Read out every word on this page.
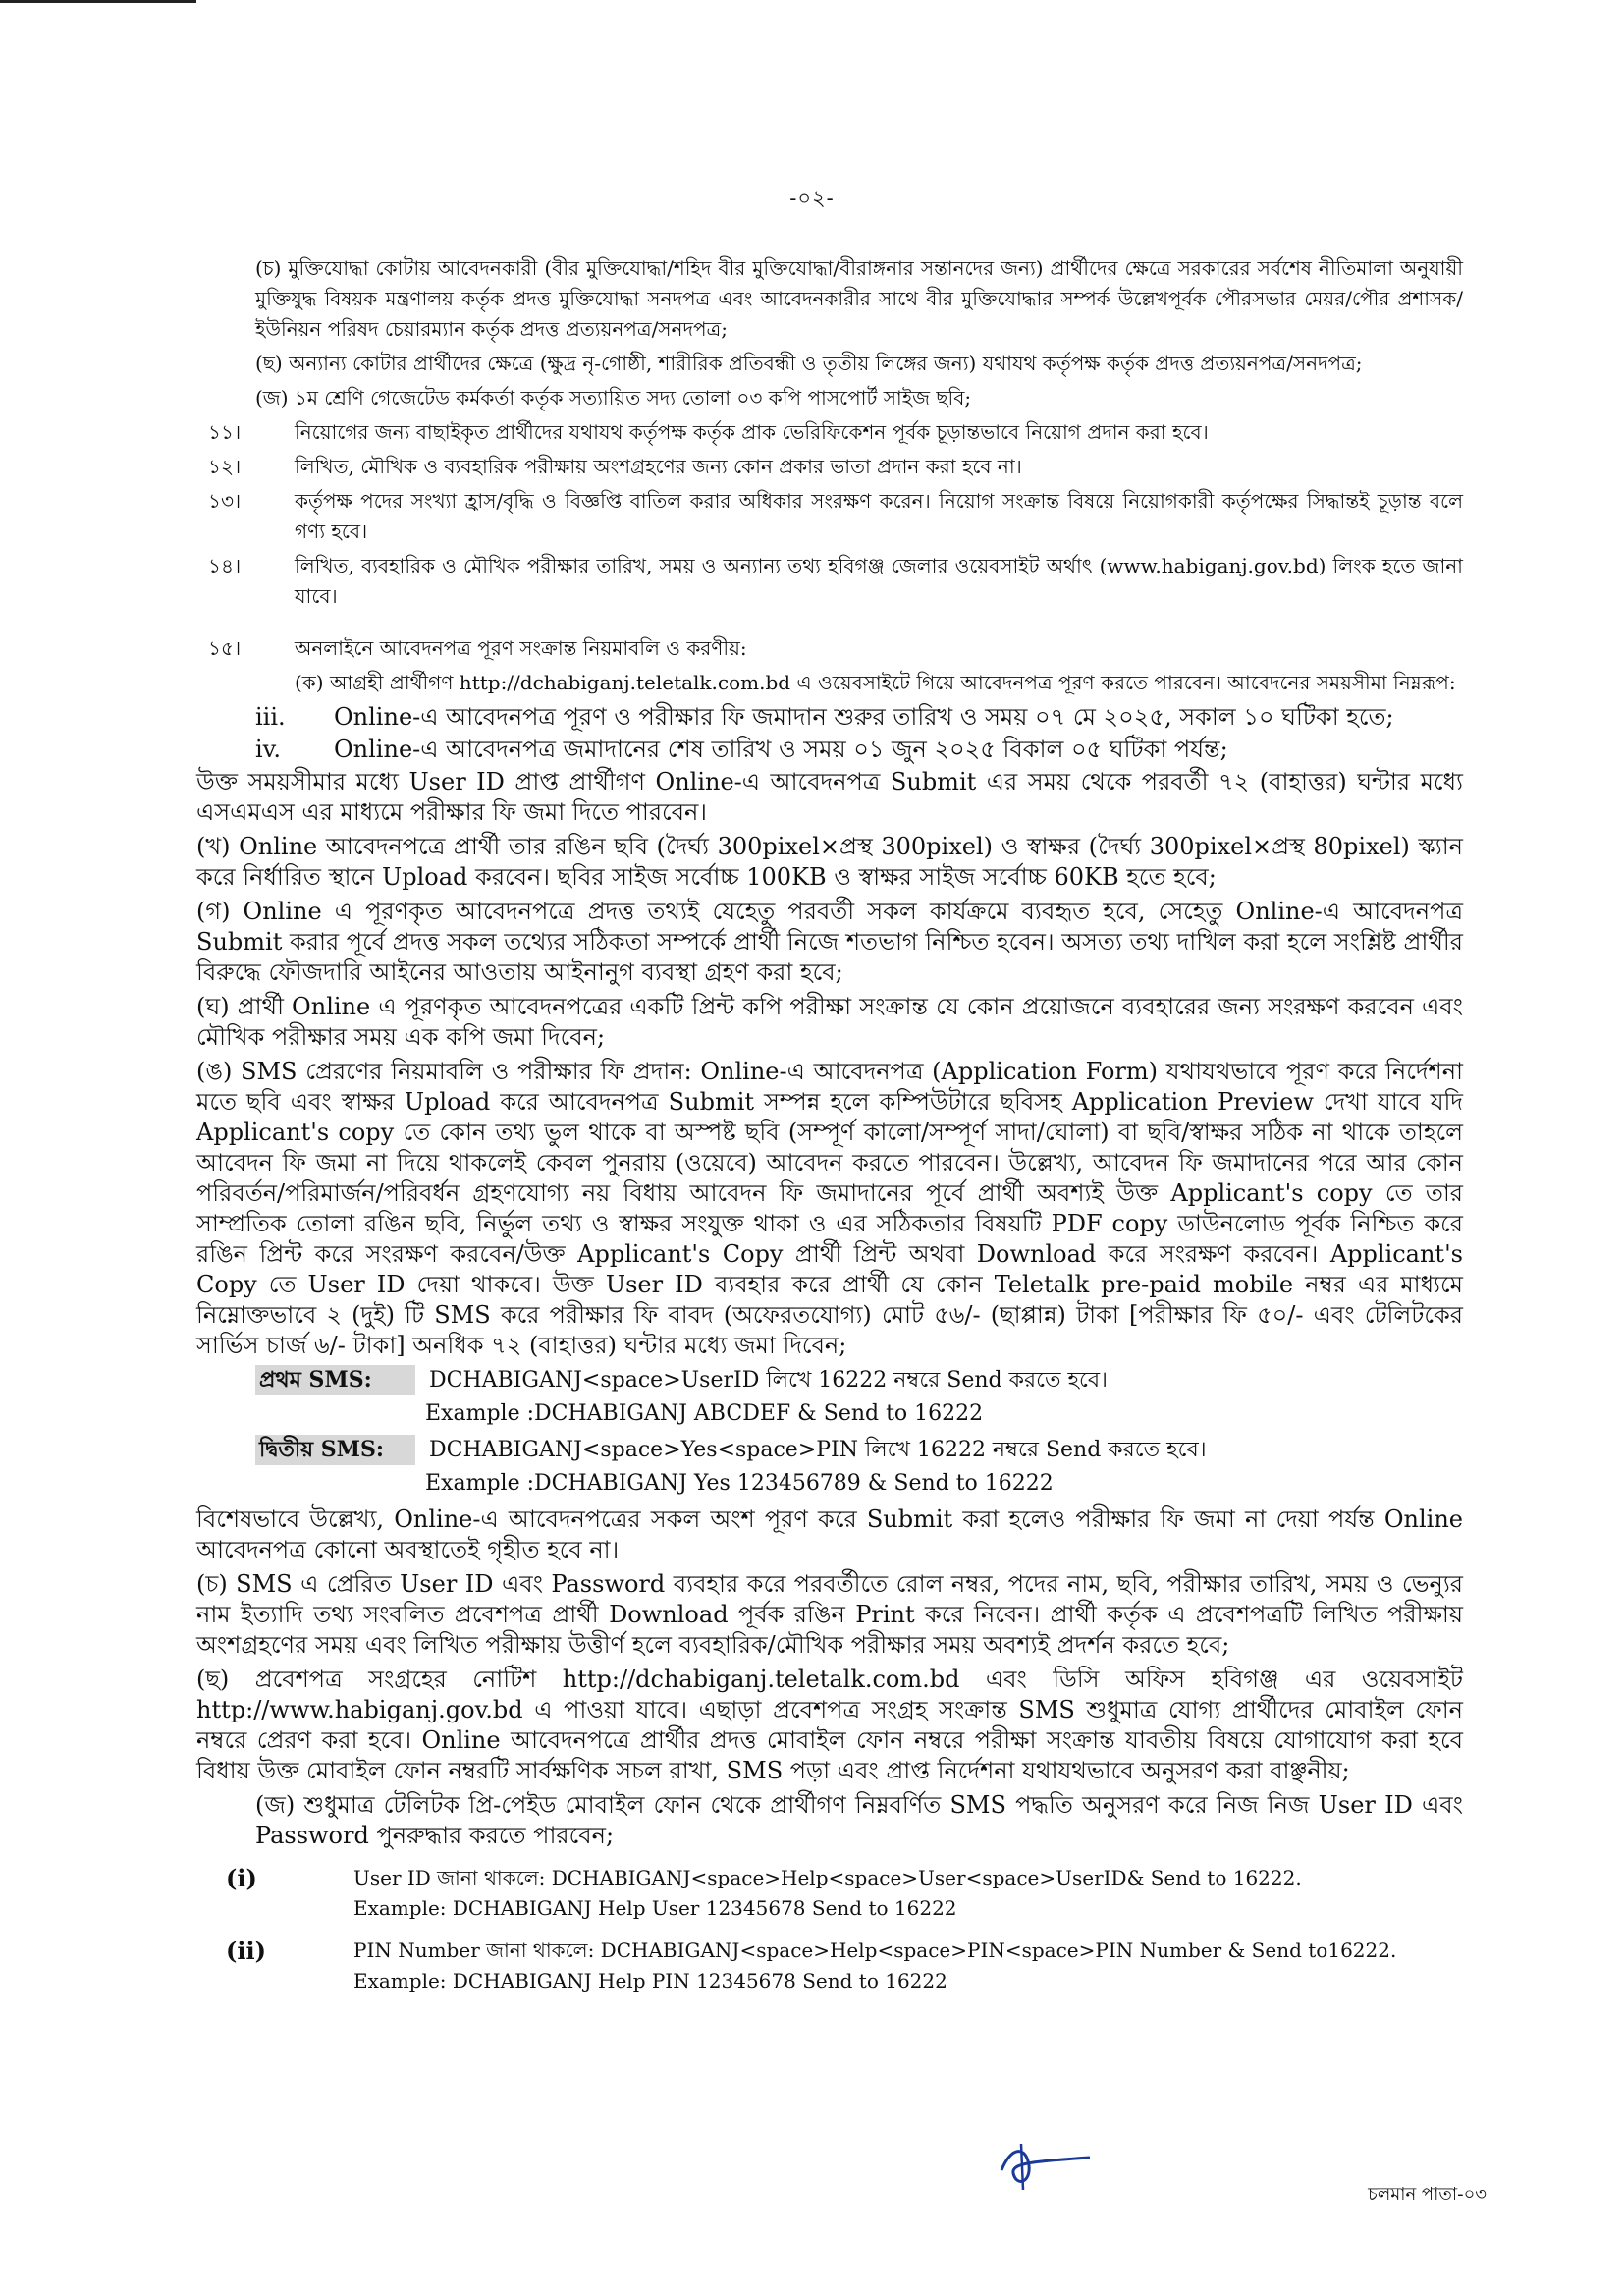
-০২-

(চ) মুক্তিযোদ্ধা কোটায় আবেদনকারী (বীর মুক্তিযোদ্ধা/শহিদ বীর মুক্তিযোদ্ধা/বীরাঙ্গনার সন্তানদের জন্য) প্রার্থীদের ক্ষেত্রে সরকারের সর্বশেষ নীতিমালা অনুযায়ী মুক্তিযুদ্ধ বিষয়ক মন্ত্রণালয় কর্তৃক প্রদত্ত মুক্তিযোদ্ধা সনদপত্র এবং আবেদনকারীর সাথে বীর মুক্তিযোদ্ধার সম্পর্ক উল্লেখপূর্বক পৌরসভার মেয়র/পৌর প্রশাসক/ইউনিয়ন পরিষদ চেয়ারম্যান কর্তৃক প্রদত্ত প্রত্যয়নপত্র/সনদপত্র;

(ছ) অন্যান্য কোটার প্রার্থীদের ক্ষেত্রে (ক্ষুদ্র নৃ-গোষ্ঠী, শারীরিক প্রতিবন্ধী ও তৃতীয় লিঙ্গের জন্য) যথাযথ কর্তৃপক্ষ কর্তৃক প্রদত্ত প্রত্যয়নপত্র/সনদপত্র;

(জ) ১ম শ্রেণি গেজেটেড কর্মকর্তা কর্তৃক সত্যায়িত সদ্য তোলা ০৩ কপি পাসপোর্ট সাইজ ছবি;

১১।	নিয়োগের জন্য বাছাইকৃত প্রার্থীদের যথাযথ কর্তৃপক্ষ কর্তৃক প্রাক ভেরিফিকেশন পূর্বক চূড়ান্তভাবে নিয়োগ প্রদান করা হবে।
১২।	লিখিত, মৌখিক ও ব্যবহারিক পরীক্ষায় অংশগ্রহণের জন্য কোন প্রকার ভাতা প্রদান করা হবে না।
১৩।	কর্তৃপক্ষ পদের সংখ্যা হ্রাস/বৃদ্ধি ও বিজ্ঞপ্তি বাতিল করার অধিকার সংরক্ষণ করেন। নিয়োগ সংক্রান্ত বিষয়ে নিয়োগকারী কর্তৃপক্ষের সিদ্ধান্তই চূড়ান্ত বলে গণ্য হবে।
১৪।	লিখিত, ব্যবহারিক ও মৌখিক পরীক্ষার তারিখ, সময় ও অন্যান্য তথ্য হবিগঞ্জ জেলার ওয়েবসাইট অর্থাৎ (www.habiganj.gov.bd) লিংক হতে জানা যাবে।
১৫।	অনলাইনে আবেদনপত্র পূরণ সংক্রান্ত নিয়মাবলি ও করণীয়:

(ক) আগ্রহী প্রার্থীগণ http://dchabiganj.teletalk.com.bd এ ওয়েবসাইটে গিয়ে আবেদনপত্র পূরণ করতে পারবেন। আবেদনের সময়সীমা নিম্নরূপ:

iii.	Online-এ আবেদনপত্র পূরণ ও পরীক্ষার ফি জমাদান শুরুর তারিখ ও সময় ০৭ মে ২০২৫, সকাল ১০ ঘটিকা হতে;
iv.	Online-এ আবেদনপত্র জমাদানের শেষ তারিখ ও সময় ০১ জুন ২০২৫ বিকাল ০৫ ঘটিকা পর্যন্ত;

উক্ত সময়সীমার মধ্যে User ID প্রাপ্ত প্রার্থীগণ Online-এ আবেদনপত্র Submit এর সময় থেকে পরবর্তী ৭২ (বাহাত্তর) ঘন্টার মধ্যে এসএমএস এর মাধ্যমে পরীক্ষার ফি জমা দিতে পারবেন।

(খ) Online আবেদনপত্রে প্রার্থী তার রঙিন ছবি (দৈর্ঘ্য 300pixel×প্রস্থ 300pixel) ও স্বাক্ষর (দৈর্ঘ্য 300pixel×প্রস্থ 80pixel) স্ক্যান করে নির্ধারিত স্থানে Upload করবেন। ছবির সাইজ সর্বোচ্চ 100KB ও স্বাক্ষর সাইজ সর্বোচ্চ 60KB হতে হবে;

(গ) Online এ পূরণকৃত আবেদনপত্রে প্রদত্ত তথ্যই যেহেতু পরবর্তী সকল কার্যক্রমে ব্যবহৃত হবে, সেহেতু Online-এ আবেদনপত্র Submit করার পূর্বে প্রদত্ত সকল তথ্যের সঠিকতা সম্পর্কে প্রার্থী নিজে শতভাগ নিশ্চিত হবেন। অসত্য তথ্য দাখিল করা হলে সংশ্লিষ্ট প্রার্থীর বিরুদ্ধে ফৌজদারি আইনের আওতায় আইনানুগ ব্যবস্থা গ্রহণ করা হবে;

(ঘ) প্রার্থী Online এ পূরণকৃত আবেদনপত্রের একটি প্রিন্ট কপি পরীক্ষা সংক্রান্ত যে কোন প্রয়োজনে ব্যবহারের জন্য সংরক্ষণ করবেন এবং মৌখিক পরীক্ষার সময় এক কপি জমা দিবেন;

(ঙ) SMS প্রেরণের নিয়মাবলি ও পরীক্ষার ফি প্রদান: Online-এ আবেদনপত্র (Application Form) যথাযথভাবে পূরণ করে নির্দেশনা মতে ছবি এবং স্বাক্ষর Upload করে আবেদনপত্র Submit সম্পন্ন হলে কম্পিউটারে ছবিসহ Application Preview দেখা যাবে যদি Applicant's copy তে কোন তথ্য ভুল থাকে বা অস্পষ্ট ছবি (সম্পূর্ণ কালো/সম্পূর্ণ সাদা/ঘোলা) বা ছবি/স্বাক্ষর সঠিক না থাকে তাহলে আবেদন ফি জমা না দিয়ে থাকলেই কেবল পুনরায় (ওয়েবে) আবেদন করতে পারবেন। উল্লেখ্য, আবেদন ফি জমাদানের পরে আর কোন পরিবর্তন/পরিমার্জন/পরিবর্ধন গ্রহণযোগ্য নয় বিধায় আবেদন ফি জমাদানের পূর্বে প্রার্থী অবশ্যই উক্ত Applicant's copy তে তার সাম্প্রতিক তোলা রঙিন ছবি, নির্ভুল তথ্য ও স্বাক্ষর সংযুক্ত থাকা ও এর সঠিকতার বিষয়টি PDF copy ডাউনলোড পূর্বক নিশ্চিত করে রঙিন প্রিন্ট করে সংরক্ষণ করবেন/উক্ত Applicant's Copy প্রার্থী প্রিন্ট অথবা Download করে সংরক্ষণ করবেন। Applicant's Copy তে User ID দেয়া থাকবে। উক্ত User ID ব্যবহার করে প্রার্থী যে কোন Teletalk pre-paid mobile নম্বর এর মাধ্যমে নিম্নোক্তভাবে ২ (দুই) টি SMS করে পরীক্ষার ফি বাবদ (অফেরতযোগ্য) মোট ৫৬/- (ছাপ্পান্ন) টাকা [পরীক্ষার ফি ৫০/- এবং টেলিটকের সার্ভিস চার্জ ৬/- টাকা] অনধিক ৭২ (বাহাত্তর) ঘন্টার মধ্যে জমা দিবেন;

প্রথম SMS:	DCHABIGANJ<space>UserID লিখে 16222 নম্বরে Send করতে হবে।
Example :DCHABIGANJ ABCDEF & Send to 16222
দ্বিতীয় SMS:	DCHABIGANJ<space>Yes<space>PIN লিখে 16222 নম্বরে Send করতে হবে।
Example :DCHABIGANJ Yes 123456789 & Send to 16222

বিশেষভাবে উল্লেখ্য, Online-এ আবেদনপত্রের সকল অংশ পূরণ করে Submit করা হলেও পরীক্ষার ফি জমা না দেয়া পর্যন্ত Online আবেদনপত্র কোনো অবস্থাতেই গৃহীত হবে না।

(চ) SMS এ প্রেরিত User ID এবং Password ব্যবহার করে পরবর্তীতে রোল নম্বর, পদের নাম, ছবি, পরীক্ষার তারিখ, সময় ও ভেন্যুর নাম ইত্যাদি তথ্য সংবলিত প্রবেশপত্র প্রার্থী Download পূর্বক রঙিন Print করে নিবেন। প্রার্থী কর্তৃক এ প্রবেশপত্রটি লিখিত পরীক্ষায় অংশগ্রহণের সময় এবং লিখিত পরীক্ষায় উত্তীর্ণ হলে ব্যবহারিক/মৌখিক পরীক্ষার সময় অবশ্যই প্রদর্শন করতে হবে;

(ছ) প্রবেশপত্র সংগ্রহের নোটিশ http://dchabiganj.teletalk.com.bd এবং ডিসি অফিস হবিগঞ্জ এর ওয়েবসাইট http://www.habiganj.gov.bd এ পাওয়া যাবে। এছাড়া প্রবেশপত্র সংগ্রহ সংক্রান্ত SMS শুধুমাত্র যোগ্য প্রার্থীদের মোবাইল ফোন নম্বরে প্রেরণ করা হবে। Online আবেদনপত্রে প্রার্থীর প্রদত্ত মোবাইল ফোন নম্বরে পরীক্ষা সংক্রান্ত যাবতীয় বিষয়ে যোগাযোগ করা হবে বিধায় উক্ত মোবাইল ফোন নম্বরটি সার্বক্ষণিক সচল রাখা, SMS পড়া এবং প্রাপ্ত নির্দেশনা যথাযথভাবে অনুসরণ করা বাঞ্ছনীয়;

(জ) শুধুমাত্র টেলিটক প্রি-পেইড মোবাইল ফোন থেকে প্রার্থীগণ নিম্নবর্ণিত SMS পদ্ধতি অনুসরণ করে নিজ নিজ User ID এবং Password পুনরুদ্ধার করতে পারবেন;

(i)	User ID জানা থাকলে: DCHABIGANJ<space>Help<space>User<space>UserID& Send to 16222.
Example: DCHABIGANJ Help User 12345678 Send to 16222
(ii)	PIN Number জানা থাকলে: DCHABIGANJ<space>Help<space>PIN<space>PIN Number & Send to16222.
Example: DCHABIGANJ Help PIN 12345678 Send to 16222
চলমান পাতা-০৩
